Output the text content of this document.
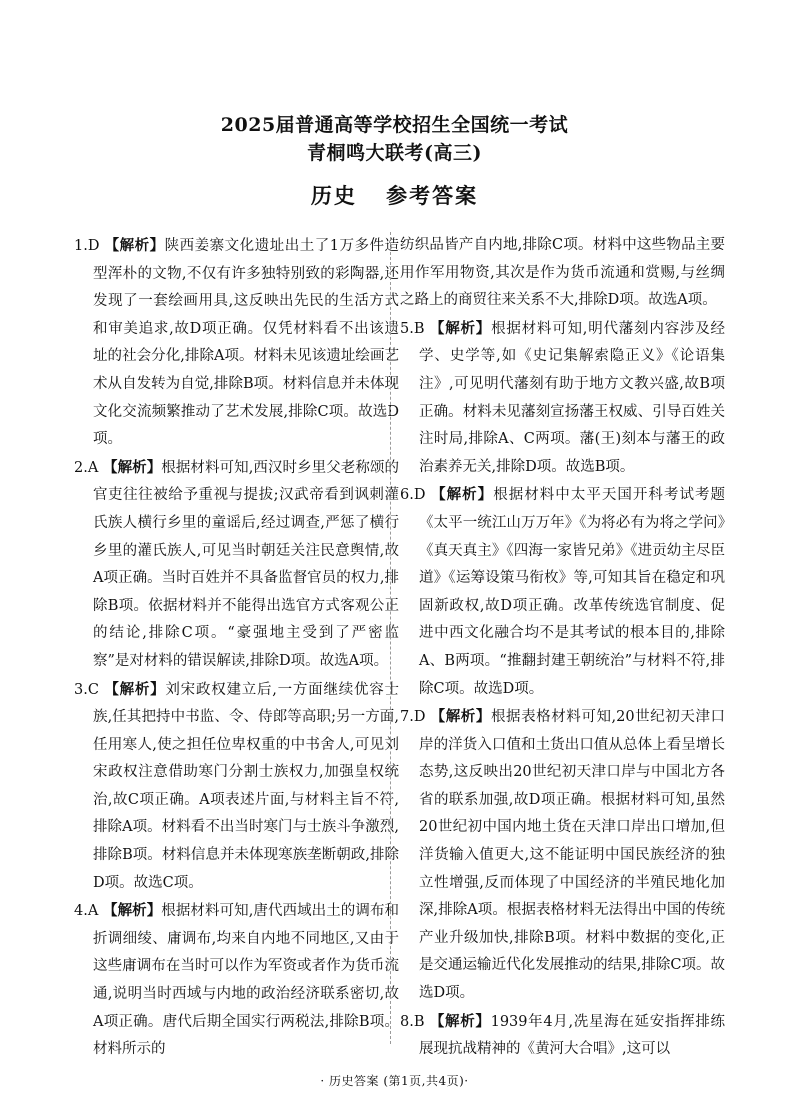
2025届普通高等学校招生全国统一考试
青桐鸣大联考(高三)
历史 参考答案

1.D 【解析】陕西姜寨文化遗址出土了1万多件造型浑朴的文物,不仅有许多独特别致的彩陶器,还发现了一套绘画用具,这反映出先民的生活方式和审美追求,故D项正确。仅凭材料看不出该遗址的社会分化,排除A项。材料未见该遗址绘画艺术从自发转为自觉,排除B项。材料信息并未体现文化交流频繁推动了艺术发展,排除C项。故选D项。

2.A 【解析】根据材料可知,西汉时乡里父老称颂的官吏往往被给予重视与提拔;汉武帝看到讽刺灌氏族人横行乡里的童谣后,经过调查,严惩了横行乡里的灌氏族人,可见当时朝廷关注民意舆情,故A项正确。当时百姓并不具备监督官员的权力,排除B项。依据材料并不能得出选官方式客观公正的结论,排除C项。“豪强地主受到了严密监察”是对材料的错误解读,排除D项。故选A项。

3.C 【解析】刘宋政权建立后,一方面继续优容士族,任其把持中书监、令、侍郎等高职;另一方面,任用寒人,使之担任位卑权重的中书舍人,可见刘宋政权注意借助寒门分割士族权力,加强皇权统治,故C项正确。A项表述片面,与材料主旨不符,排除A项。材料看不出当时寒门与士族斗争激烈,排除B项。材料信息并未体现寒族垄断朝政,排除D项。故选C项。

4.A 【解析】根据材料可知,唐代西域出土的调布和折调细绫、庸调布,均来自内地不同地区,又由于这些庸调布在当时可以作为军资或者作为货币流通,说明当时西域与内地的政治经济联系密切,故A项正确。唐代后期全国实行两税法,排除B项。材料所示的

纺织品皆产自内地,排除C项。材料中这些物品主要用作军用物资,其次是作为货币流通和赏赐,与丝绸之路上的商贸往来关系不大,排除D项。故选A项。

5.B 【解析】根据材料可知,明代藩刻内容涉及经学、史学等,如《史记集解索隐正义》《论语集注》,可见明代藩刻有助于地方文教兴盛,故B项正确。材料未见藩刻宣扬藩王权威、引导百姓关注时局,排除A、C两项。藩(王)刻本与藩王的政治素养无关,排除D项。故选B项。

6.D 【解析】根据材料中太平天国开科考试考题《太平一统江山万万年》《为将必有为将之学问》《真天真主》《四海一家皆兄弟》《进贡幼主尽臣道》《运筹设策马衔枚》等,可知其旨在稳定和巩固新政权,故D项正确。改革传统选官制度、促进中西文化融合均不是其考试的根本目的,排除A、B两项。“推翻封建王朝统治”与材料不符,排除C项。故选D项。

7.D 【解析】根据表格材料可知,20世纪初天津口岸的洋货入口值和土货出口值从总体上看呈增长态势,这反映出20世纪初天津口岸与中国北方各省的联系加强,故D项正确。根据材料可知,虽然20世纪初中国内地土货在天津口岸出口增加,但洋货输入值更大,这不能证明中国民族经济的独立性增强,反而体现了中国经济的半殖民地化加深,排除A项。根据表格材料无法得出中国的传统产业升级加快,排除B项。材料中数据的变化,正是交通运输近代化发展推动的结果,排除C项。故选D项。

8.B 【解析】1939年4月,冼星海在延安指挥排练展现抗战精神的《黄河大合唱》,这可以

· 历史答案 (第1页,共4页)·
